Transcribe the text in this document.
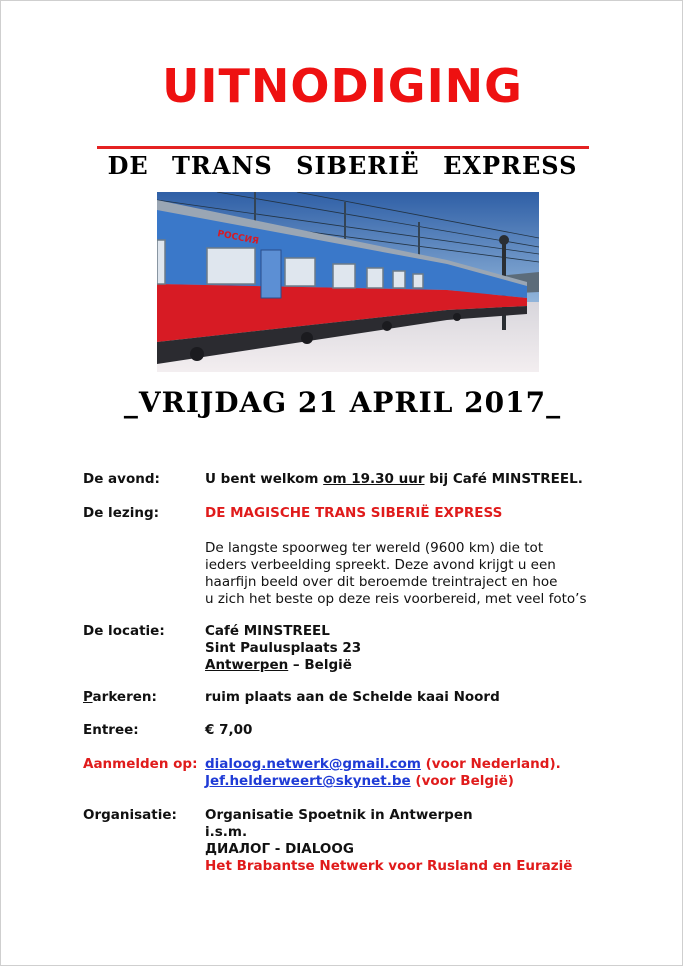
UITNODIGING
DE TRANS SIBERIË EXPRESS
РОССИЯ
_VRIJDAG 21 APRIL 2017_
De avond:	U bent welkom om 19.30 uur bij Café MINSTREEL.
De lezing:	DE MAGISCHE TRANS SIBERIË EXPRESS
De langste spoorweg ter wereld (9600 km) die tot
ieders verbeelding spreekt. Deze avond krijgt u een
haarfijn beeld over dit beroemde treintraject en hoe
u zich het beste op deze reis voorbereid, met veel foto’s
De locatie:	Café MINSTREEL
Sint Paulusplaats 23
Antwerpen – België
Parkeren:	ruim plaats aan de Schelde kaai Noord
Entree:	€ 7,00
Aanmelden op: dialoog.netwerk@gmail.com (voor Nederland).
Jef.helderweert@skynet.be (voor België)
Organisatie:	Organisatie Spoetnik in Antwerpen
i.s.m.
ДИАЛОГ - DIALOOG
Het Brabantse Netwerk voor Rusland en Eurazië
